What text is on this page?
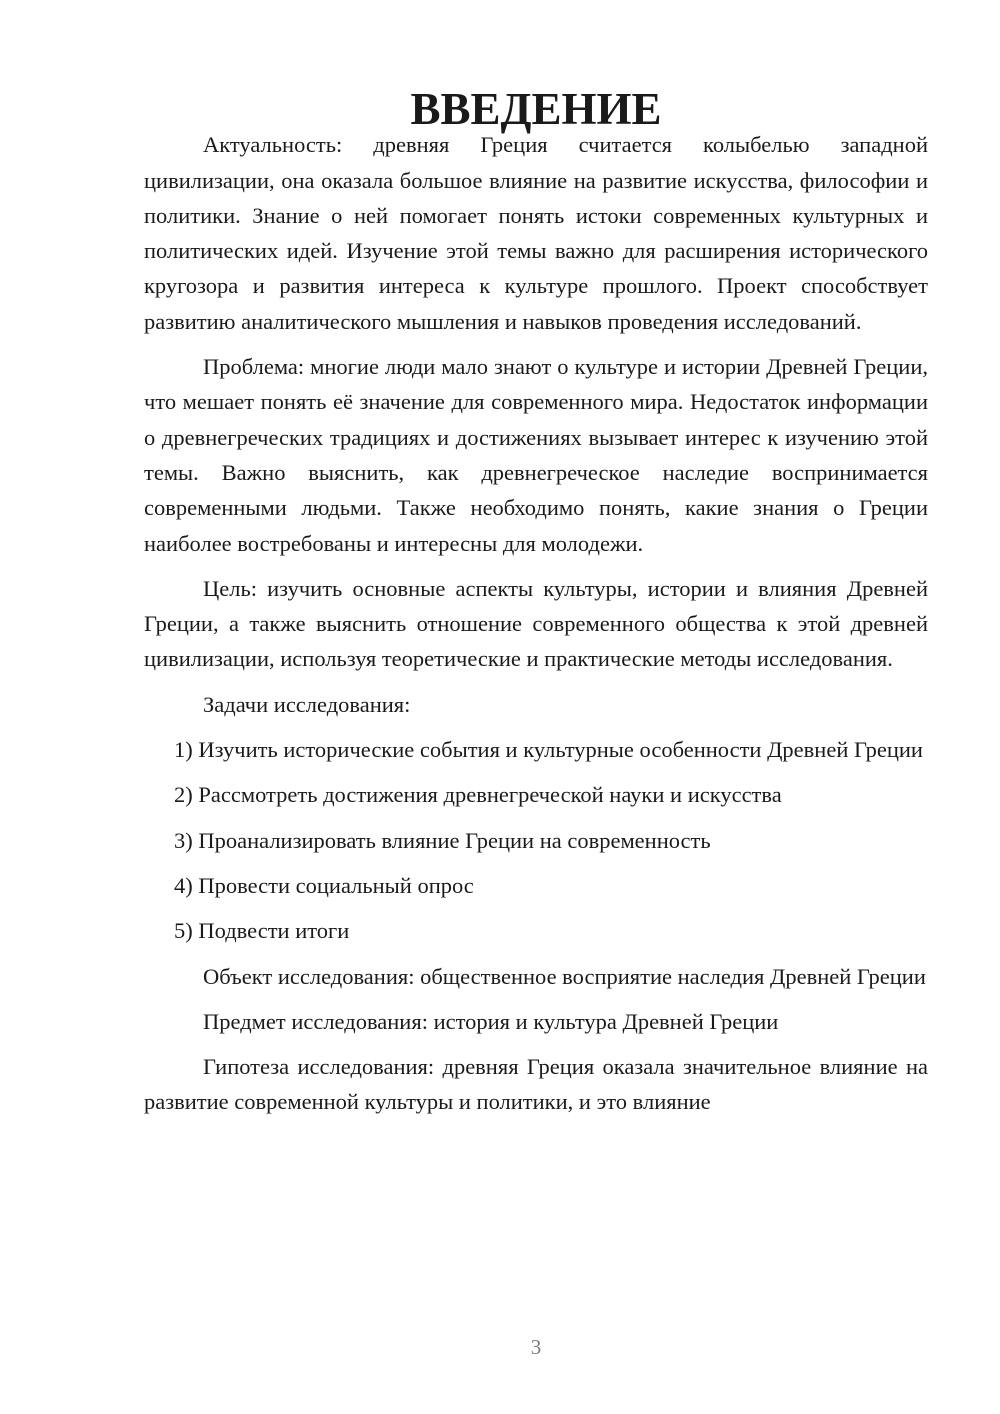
ВВЕДЕНИЕ

Актуальность: древняя Греция считается колыбелью западной цивилизации, она оказала большое влияние на развитие искусства, философии и политики. Знание о ней помогает понять истоки современных культурных и политических идей. Изучение этой темы важно для расширения исторического кругозора и развития интереса к культуре прошлого. Проект способствует развитию аналитического мышления и навыков проведения исследований.

Проблема: многие люди мало знают о культуре и истории Древней Греции, что мешает понять её значение для современного мира. Недостаток информации о древнегреческих традициях и достижениях вызывает интерес к изучению этой темы. Важно выяснить, как древнегреческое наследие воспринимается современными людьми. Также необходимо понять, какие знания о Греции наиболее востребованы и интересны для молодежи.

Цель: изучить основные аспекты культуры, истории и влияния Древней Греции, а также выяснить отношение современного общества к этой древней цивилизации, используя теоретические и практические методы исследования.

Задачи исследования:

1) Изучить исторические события и культурные особенности Древней Греции

2) Рассмотреть достижения древнегреческой науки и искусства

3) Проанализировать влияние Греции на современность

4) Провести социальный опрос

5) Подвести итоги

Объект исследования: общественное восприятие наследия Древней Греции

Предмет исследования: история и культура Древней Греции

Гипотеза исследования: древняя Греция оказала значительное влияние на развитие современной культуры и политики, и это влияние

3
